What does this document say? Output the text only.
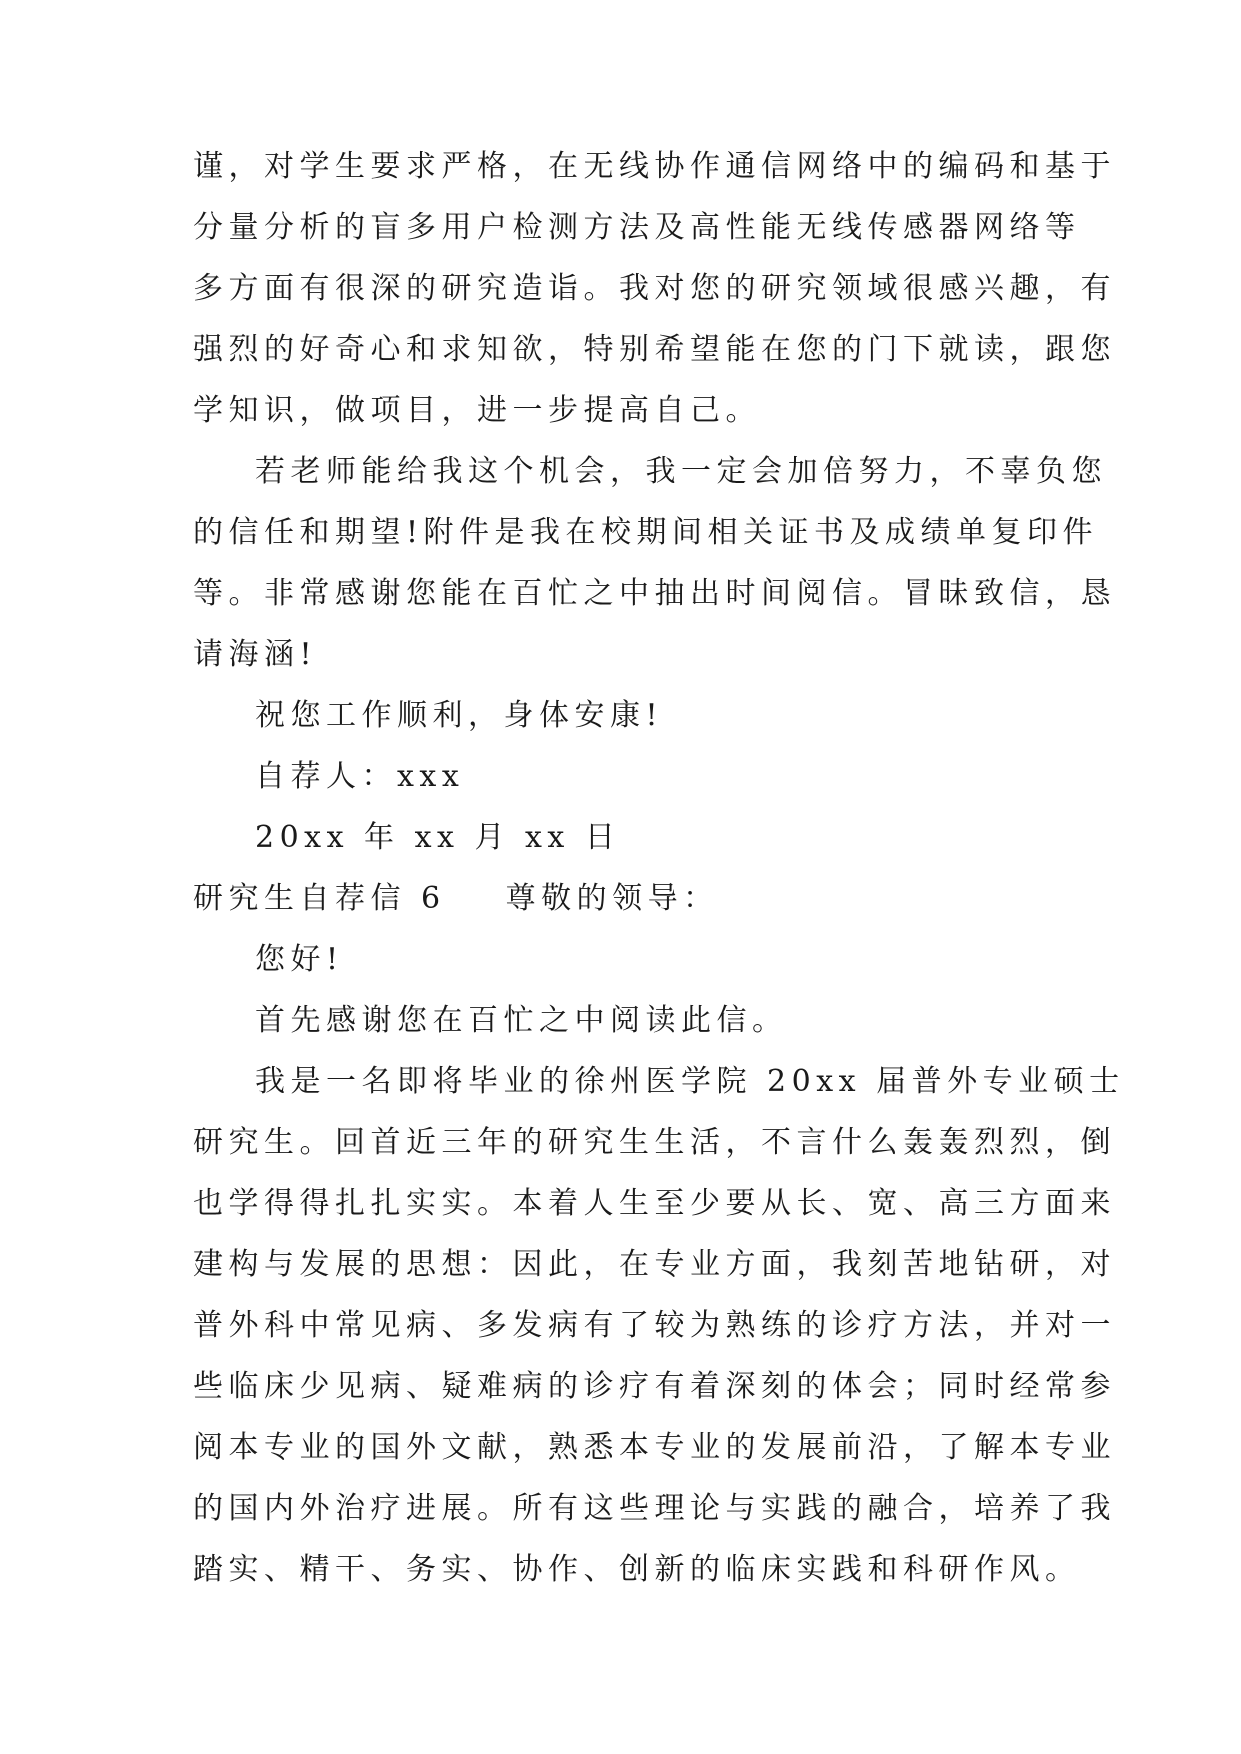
谨，对学生要求严格，在无线协作通信网络中的编码和基于
分量分析的盲多用户检测方法及高性能无线传感器网络等
多方面有很深的研究造诣。我对您的研究领域很感兴趣，有
强烈的好奇心和求知欲，特别希望能在您的门下就读，跟您
学知识，做项目，进一步提高自己。
若老师能给我这个机会，我一定会加倍努力，不辜负您
的信任和期望!附件是我在校期间相关证书及成绩单复印件
等。非常感谢您能在百忙之中抽出时间阅信。冒昧致信，恳
请海涵!
祝您工作顺利，身体安康!
自荐人：xxx
20xx 年 xx 月 xx 日
研究生自荐信 6 尊敬的领导：
您好!
首先感谢您在百忙之中阅读此信。
我是一名即将毕业的徐州医学院 20xx 届普外专业硕士
研究生。回首近三年的研究生生活，不言什么轰轰烈烈，倒
也学得得扎扎实实。本着人生至少要从长、宽、高三方面来
建构与发展的思想：因此，在专业方面，我刻苦地钻研，对
普外科中常见病、多发病有了较为熟练的诊疗方法，并对一
些临床少见病、疑难病的诊疗有着深刻的体会；同时经常参
阅本专业的国外文献，熟悉本专业的发展前沿，了解本专业
的国内外治疗进展。所有这些理论与实践的融合，培养了我
踏实、精干、务实、协作、创新的临床实践和科研作风。
